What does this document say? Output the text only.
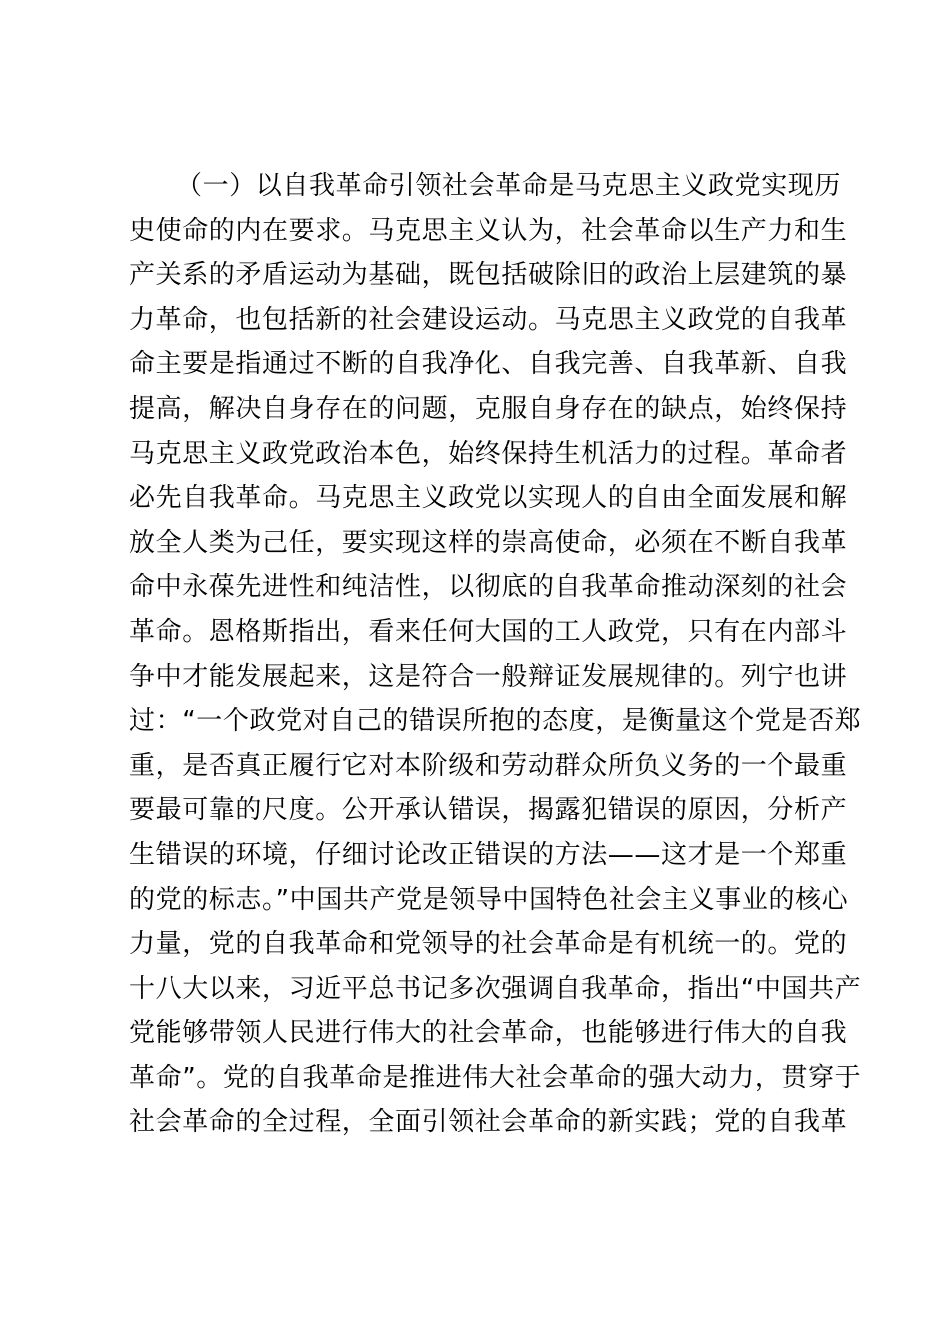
（一）以自我革命引领社会革命是马克思主义政党实现历
史使命的内在要求。马克思主义认为，社会革命以生产力和生
产关系的矛盾运动为基础，既包括破除旧的政治上层建筑的暴
力革命，也包括新的社会建设运动。马克思主义政党的自我革
命主要是指通过不断的自我净化、自我完善、自我革新、自我
提高，解决自身存在的问题，克服自身存在的缺点，始终保持
马克思主义政党政治本色，始终保持生机活力的过程。革命者
必先自我革命。马克思主义政党以实现人的自由全面发展和解
放全人类为己任，要实现这样的崇高使命，必须在不断自我革
命中永葆先进性和纯洁性，以彻底的自我革命推动深刻的社会
革命。恩格斯指出，看来任何大国的工人政党，只有在内部斗
争中才能发展起来，这是符合一般辩证发展规律的。列宁也讲
过：“一个政党对自己的错误所抱的态度，是衡量这个党是否郑
重，是否真正履行它对本阶级和劳动群众所负义务的一个最重
要最可靠的尺度。公开承认错误，揭露犯错误的原因，分析产
生错误的环境，仔细讨论改正错误的方法——这才是一个郑重
的党的标志。”中国共产党是领导中国特色社会主义事业的核心
力量，党的自我革命和党领导的社会革命是有机统一的。党的
十八大以来，习近平总书记多次强调自我革命，指出“中国共产
党能够带领人民进行伟大的社会革命，也能够进行伟大的自我
革命”。党的自我革命是推进伟大社会革命的强大动力，贯穿于
社会革命的全过程，全面引领社会革命的新实践；党的自我革
